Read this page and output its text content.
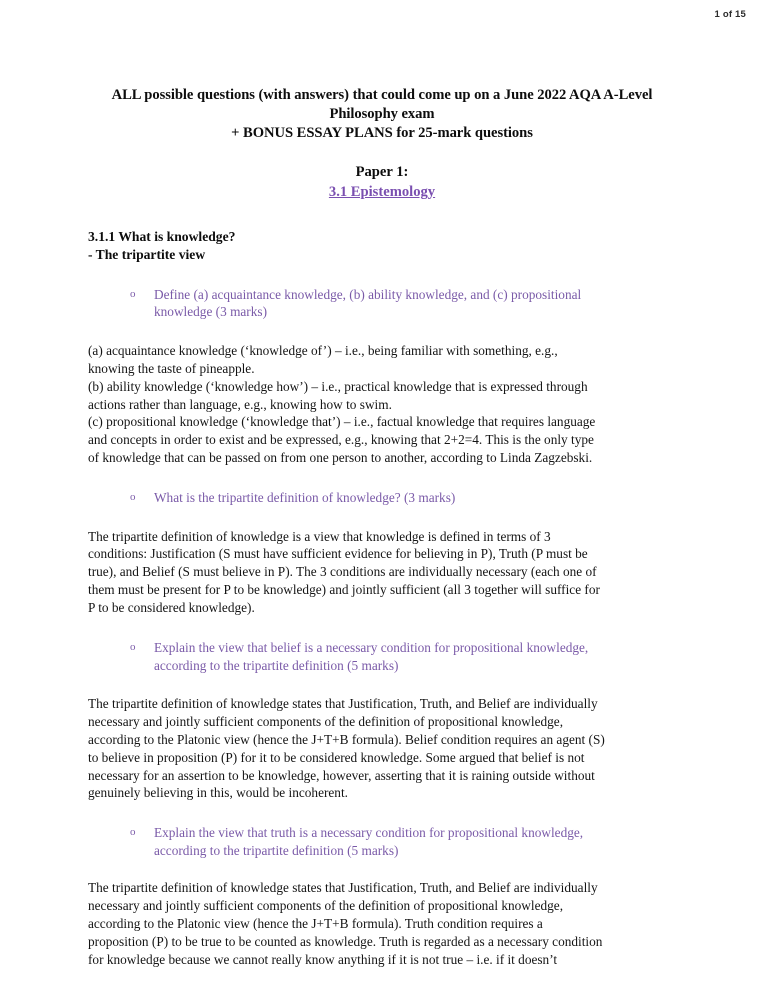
1 of 15
ALL possible questions (with answers) that could come up on a June 2022 AQA A-Level
Philosophy exam
+ BONUS ESSAY PLANS for 25-mark questions
Paper 1:
3.1 Epistemology
3.1.1 What is knowledge?
- The tripartite view
o Define (a) acquaintance knowledge, (b) ability knowledge, and (c) propositional
knowledge (3 marks)
(a) acquaintance knowledge (‘knowledge of’) – i.e., being familiar with something, e.g.,
knowing the taste of pineapple.
(b) ability knowledge (‘knowledge how’) – i.e., practical knowledge that is expressed through
actions rather than language, e.g., knowing how to swim.
(c) propositional knowledge (‘knowledge that’) – i.e., factual knowledge that requires language
and concepts in order to exist and be expressed, e.g., knowing that 2+2=4. This is the only type
of knowledge that can be passed on from one person to another, according to Linda Zagzebski.
o What is the tripartite definition of knowledge? (3 marks)
The tripartite definition of knowledge is a view that knowledge is defined in terms of 3
conditions: Justification (S must have sufficient evidence for believing in P), Truth (P must be
true), and Belief (S must believe in P). The 3 conditions are individually necessary (each one of
them must be present for P to be knowledge) and jointly sufficient (all 3 together will suffice for
P to be considered knowledge).
o Explain the view that belief is a necessary condition for propositional knowledge,
according to the tripartite definition (5 marks)
The tripartite definition of knowledge states that Justification, Truth, and Belief are individually
necessary and jointly sufficient components of the definition of propositional knowledge,
according to the Platonic view (hence the J+T+B formula). Belief condition requires an agent (S)
to believe in proposition (P) for it to be considered knowledge. Some argued that belief is not
necessary for an assertion to be knowledge, however, asserting that it is raining outside without
genuinely believing in this, would be incoherent.
o Explain the view that truth is a necessary condition for propositional knowledge,
according to the tripartite definition (5 marks)
The tripartite definition of knowledge states that Justification, Truth, and Belief are individually
necessary and jointly sufficient components of the definition of propositional knowledge,
according to the Platonic view (hence the J+T+B formula). Truth condition requires a
proposition (P) to be true to be counted as knowledge. Truth is regarded as a necessary condition
for knowledge because we cannot really know anything if it is not true – i.e. if it doesn’t
